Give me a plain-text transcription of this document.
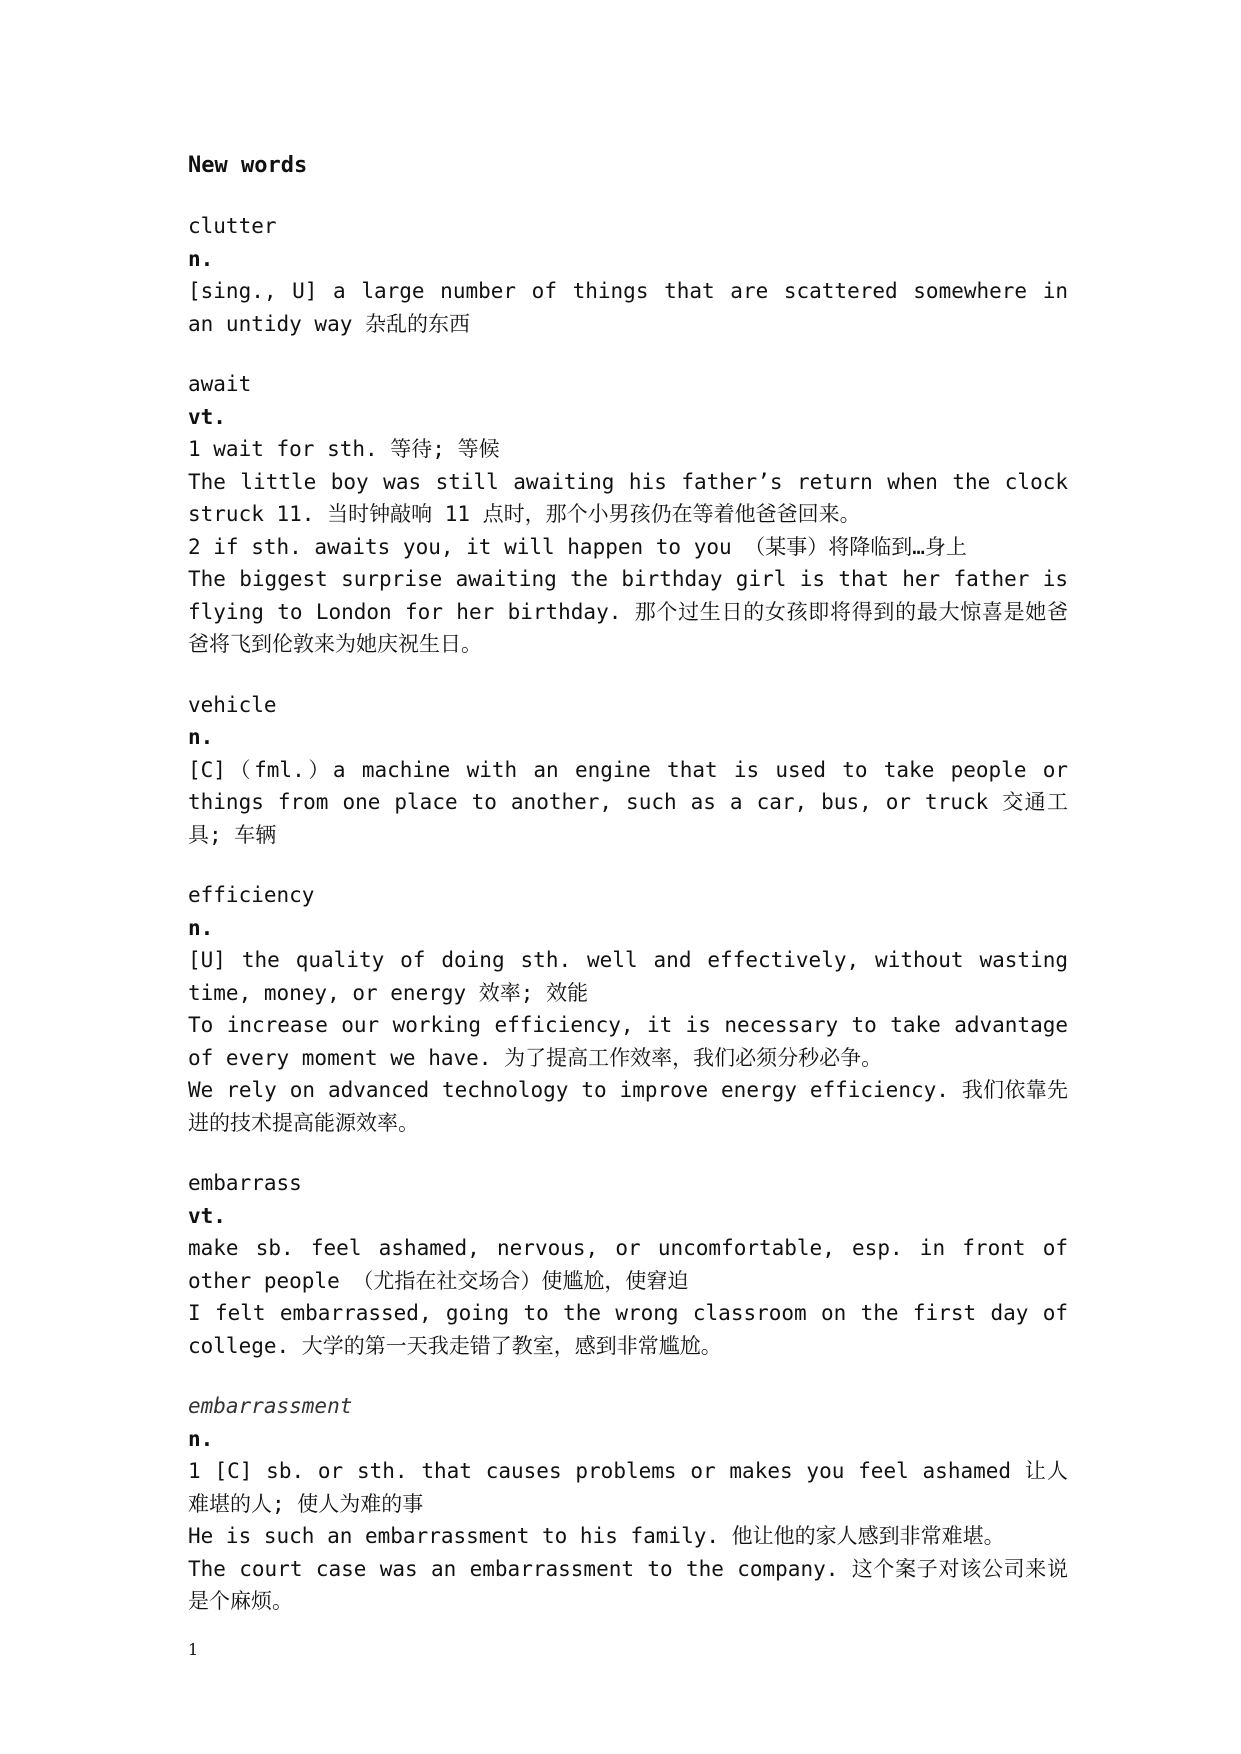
New words
clutter
n.
[sing., U] a large number of things that are scattered somewhere in an untidy way 杂乱的东西
await
vt.
1 wait for sth. 等待; 等候
The little boy was still awaiting his father’s return when the clock struck 11. 当时钟敲响 11 点时，那个小男孩仍在等着他爸爸回来。
2 if sth. awaits you, it will happen to you （某事）将降临到…身上
The biggest surprise awaiting the birthday girl is that her father is flying to London for her birthday. 那个过生日的女孩即将得到的最大惊喜是她爸爸将飞到伦敦来为她庆祝生日。
vehicle
n.
[C]（fml.）a machine with an engine that is used to take people or things from one place to another, such as a car, bus, or truck 交通工具; 车辆
efficiency
n.
[U] the quality of doing sth. well and effectively, without wasting time, money, or energy 效率; 效能
To increase our working efficiency, it is necessary to take advantage of every moment we have. 为了提高工作效率，我们必须分秒必争。
We rely on advanced technology to improve energy efficiency. 我们依靠先进的技术提高能源效率。
embarrass
vt.
make sb. feel ashamed, nervous, or uncomfortable, esp. in front of other people （尤指在社交场合）使尴尬，使窘迫
I felt embarrassed, going to the wrong classroom on the first day of college. 大学的第一天我走错了教室，感到非常尴尬。
embarrassment
n.
1 [C] sb. or sth. that causes problems or makes you feel ashamed 让人难堪的人; 使人为难的事
He is such an embarrassment to his family. 他让他的家人感到非常难堪。
The court case was an embarrassment to the company. 这个案子对该公司来说是个麻烦。
1
